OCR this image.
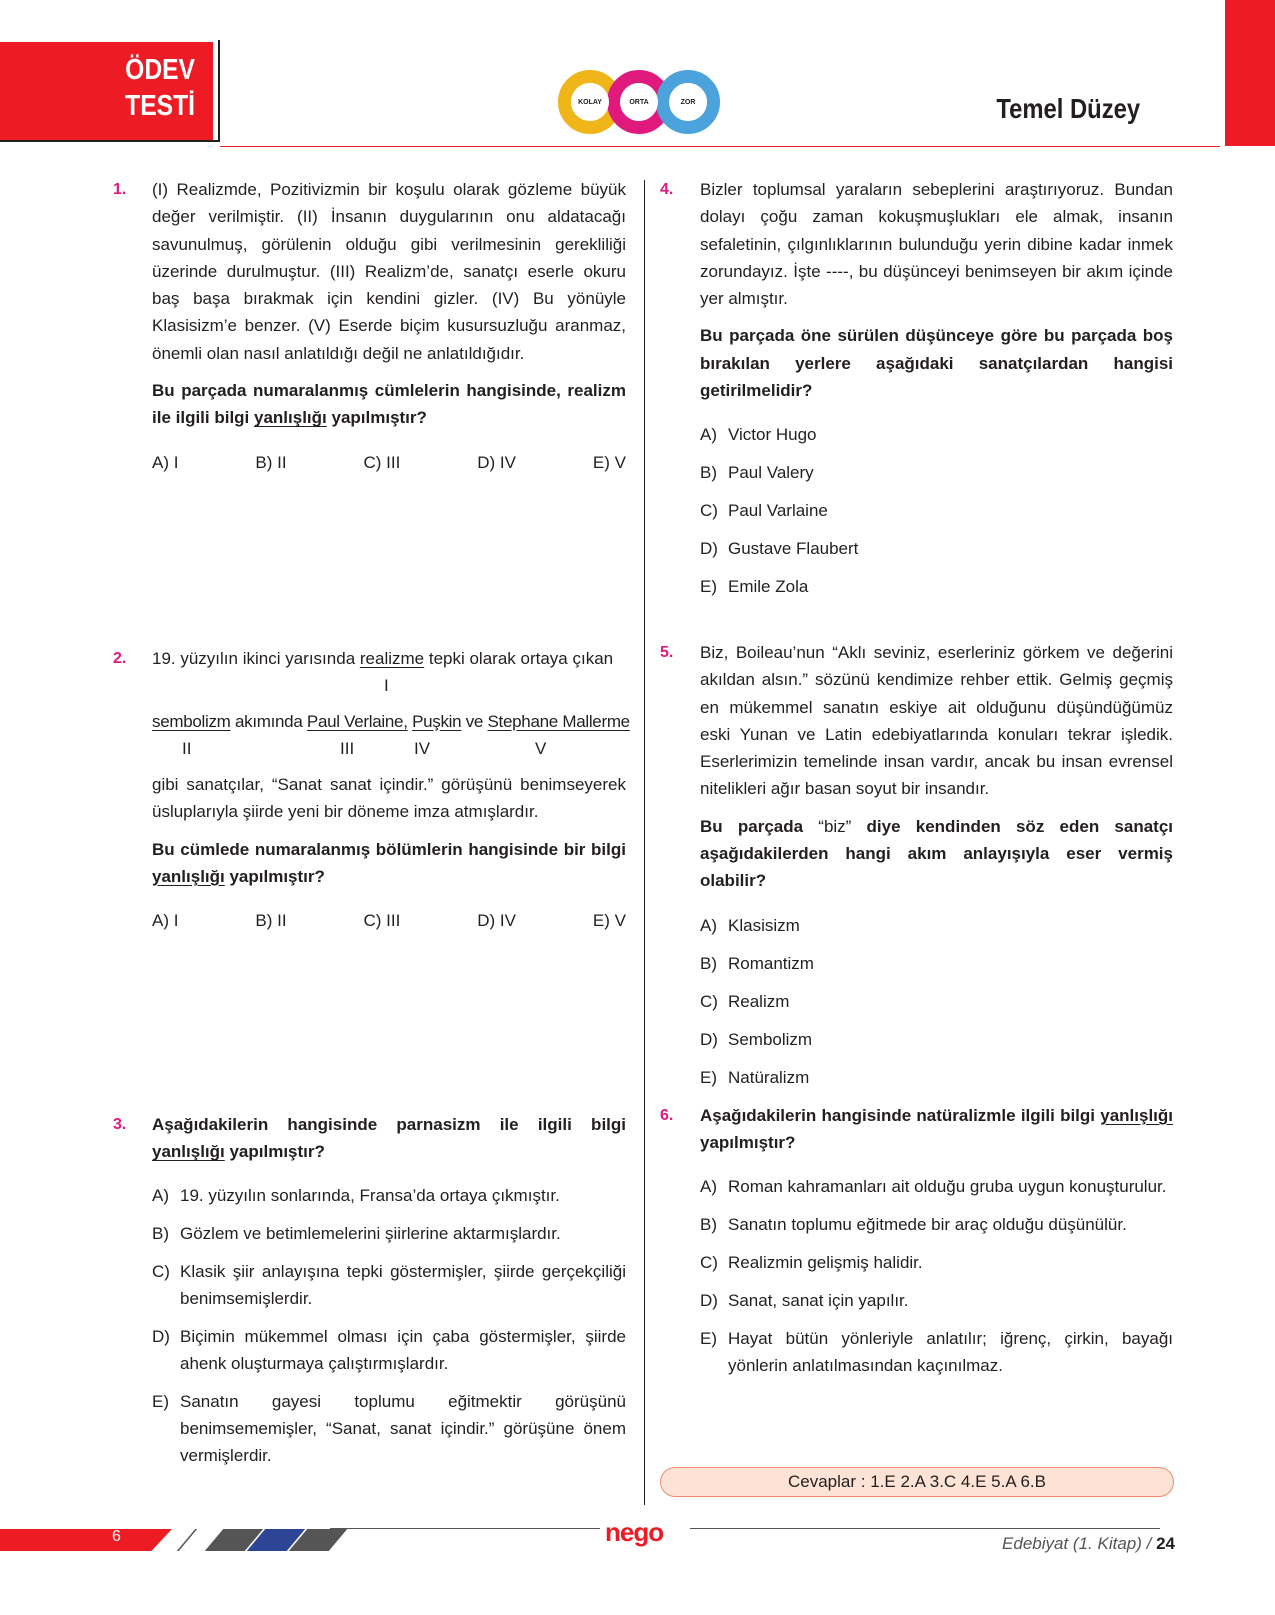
ÖDEV
TESTİ	KOLAY	ORTA	ZOR	Temel Düzey
1. (I) Realizmde, Pozitivizmin bir koşulu olarak gözleme büyük değer verilmiştir. (II) İnsanın duygularının onu aldatacağı savunulmuş, görülenin olduğu gibi verilmesinin gerekliliği üzerinde durulmuştur. (III) Realizm’de, sanatçı eserle okuru baş başa bırakmak için kendini gizler. (IV) Bu yönüyle Klasisizm’e benzer. (V) Eserde biçim kusursuzluğu aranmaz, önemli olan nasıl anlatıldığı değil ne anlatıldığıdır.
Bu parçada numaralanmış cümlelerin hangisinde, realizm ile ilgili bilgi yanlışlığı yapılmıştır?
A) I	B) II	C) III	D) IV	E) V
2. 19. yüzyılın ikinci yarısında realizme tepki olarak ortaya çıkan
I
sembolizm akımında Paul Verlaine, Puşkin ve Stephane Mallerme
II	III	IV	V
gibi sanatçılar, “Sanat sanat içindir.” görüşünü benimseyerek üsluplarıyla şiirde yeni bir döneme imza atmışlardır.
Bu cümlede numaralanmış bölümlerin hangisinde bir bilgi yanlışlığı yapılmıştır?
A) I	B) II	C) III	D) IV	E) V
3. Aşağıdakilerin hangisinde parnasizm ile ilgili bilgi yanlışlığı yapılmıştır?
A) 19. yüzyılın sonlarında, Fransa’da ortaya çıkmıştır.
B) Gözlem ve betimlemelerini şiirlerine aktarmışlardır.
C) Klasik şiir anlayışına tepki göstermişler, şiirde gerçekçiliği benimsemişlerdir.
D) Biçimin mükemmel olması için çaba göstermişler, şiirde ahenk oluşturmaya çalıştırmışlardır.
E) Sanatın gayesi toplumu eğitmektir görüşünü benimsememişler, “Sanat, sanat içindir.” görüşüne önem vermişlerdir.
4. Bizler toplumsal yaraların sebeplerini araştırıyoruz. Bundan dolayı çoğu zaman kokuşmuşlukları ele almak, insanın sefaletinin, çılgınlıklarının bulunduğu yerin dibine kadar inmek zorundayız. İşte ----, bu düşünceyi benimseyen bir akım içinde yer almıştır.
Bu parçada öne sürülen düşünceye göre bu parçada boş bırakılan yerlere aşağıdaki sanatçılardan hangisi getirilmelidir?
A) Victor Hugo
B) Paul Valery
C) Paul Varlaine
D) Gustave Flaubert
E) Emile Zola
5. Biz, Boileau’nun “Aklı seviniz, eserleriniz görkem ve değerini akıldan alsın.” sözünü kendimize rehber ettik. Gelmiş geçmiş en mükemmel sanatın eskiye ait olduğunu düşündüğümüz eski Yunan ve Latin edebiyatlarında konuları tekrar işledik. Eserlerimizin temelinde insan vardır, ancak bu insan evrensel nitelikleri ağır basan soyut bir insandır.
Bu parçada “biz” diye kendinden söz eden sanatçı aşağıdakilerden hangi akım anlayışıyla eser vermiş olabilir?
A) Klasisizm
B) Romantizm
C) Realizm
D) Sembolizm
E) Natüralizm
6. Aşağıdakilerin hangisinde natüralizmle ilgili bilgi yanlışlığı yapılmıştır?
A) Roman kahramanları ait olduğu gruba uygun konuşturulur.
B) Sanatın toplumu eğitmede bir araç olduğu düşünülür.
C) Realizmin gelişmiş halidir.
D) Sanat, sanat için yapılır.
E) Hayat bütün yönleriyle anlatılır; iğrenç, çirkin, bayağı yönlerin anlatılmasından kaçınılmaz.
Cevaplar : 1.E 2.A 3.C 4.E 5.A 6.B
6	nego	Edebiyat (1. Kitap) / 24
